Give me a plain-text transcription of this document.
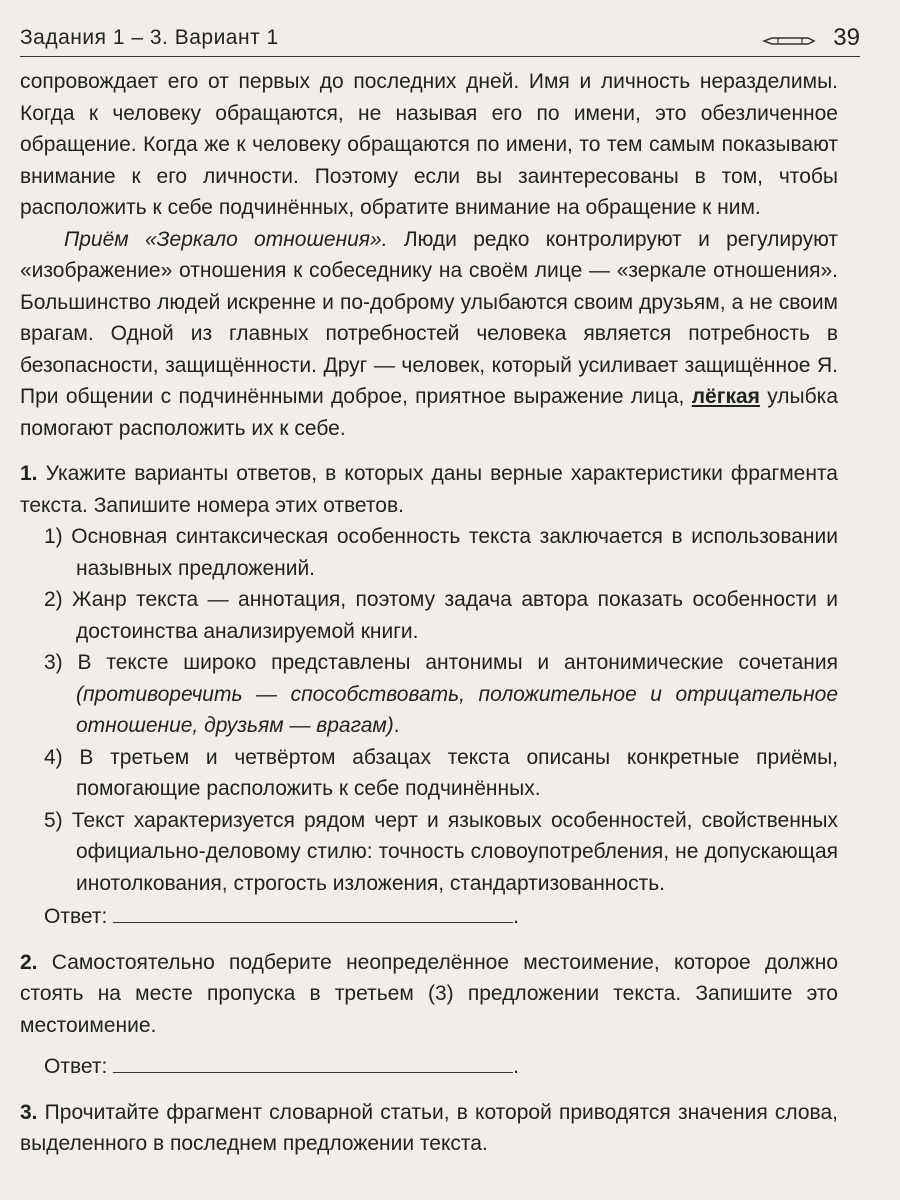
Задания 1 – 3. Вариант 1	39

сопровождает его от первых до последних дней. Имя и личность неразделимы. Когда к человеку обращаются, не называя его по имени, это обезличенное обращение. Когда же к человеку обращаются по имени, то тем самым показывают внимание к его личности. Поэтому если вы заинтересованы в том, чтобы расположить к себе подчинённых, обратите внимание на обращение к ним.

Приём «Зеркало отношения». Люди редко контролируют и регулируют «изображение» отношения к собеседнику на своём лице — «зеркале отношения». Большинство людей искренне и по-доброму улыбаются своим друзьям, а не своим врагам. Одной из главных потребностей человека является потребность в безопасности, защищённости. Друг — человек, который усиливает защищённое Я. При общении с подчинёнными доброе, приятное выражение лица, лёгкая улыбка помогают расположить их к себе.

1. Укажите варианты ответов, в которых даны верные характеристики фрагмента текста. Запишите номера этих ответов.

1) Основная синтаксическая особенность текста заключается в использовании назывных предложений.

2) Жанр текста — аннотация, поэтому задача автора показать особенности и достоинства анализируемой книги.

3) В тексте широко представлены антонимы и антонимические сочетания (противоречить — способствовать, положительное и отрицательное отношение, друзьям — врагам).

4) В третьем и четвёртом абзацах текста описаны конкретные приёмы, помогающие расположить к себе подчинённых.

5) Текст характеризуется рядом черт и языковых особенностей, свойственных официально-деловому стилю: точность словоупотребления, не допускающая инотолкования, строгость изложения, стандартизованность.

Ответ:	.

2. Самостоятельно подберите неопределённое местоимение, которое должно стоять на месте пропуска в третьем (3) предложении текста. Запишите это местоимение.

Ответ:	.

3. Прочитайте фрагмент словарной статьи, в которой приводятся значения слова, выделенного в последнем предложении текста.
